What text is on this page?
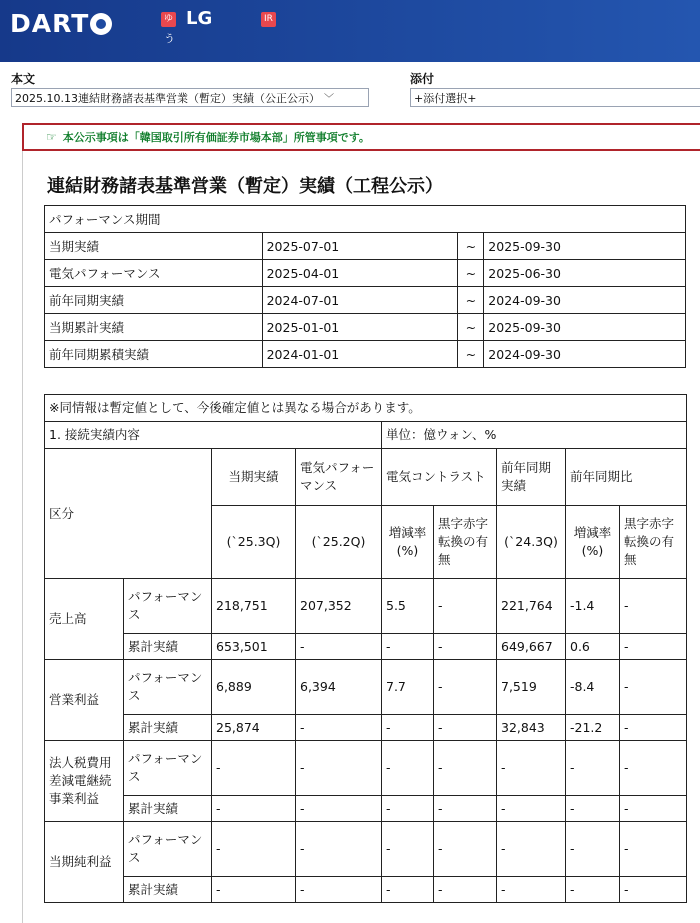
DART	ゆ
う
LG	IR
本文	添付
2025.10.13連結財務諸表基準営業（暫定）実績（公正公示） ﹀	+添付選択+
☞ 本公示事項は「韓国取引所有価証券市場本部」所管事項です。
連結財務諸表基準営業（暫定）実績（工程公示）
パフォーマンス期間			
当期実績	2025-07-01	~	2025-09-30
電気パフォーマンス	2025-04-01	~	2025-06-30
前年同期実績	2024-07-01	~	2024-09-30
当期累計実績	2025-01-01	~	2025-09-30
前年同期累積実績	2024-01-01	~	2024-09-30
※同情報は暫定値として、今後確定値とは異なる場合があります。								
1. 接続実績内容				単位：億ウォン、%				
区分		当期実績	電気パフォーマンス	電気コントラスト		前年同期実績	前年同期比	
		(`25.3Q)	(`25.2Q)	増減率(%)	黒字赤字転換の有無	(`24.3Q)	増減率(%)	黒字赤字転換の有無
売上高	パフォーマンス	218,751	207,352	5.5	-	221,764	-1.4	-
	累計実績	653,501	-	-	-	649,667	0.6	-
営業利益	パフォーマンス	6,889	6,394	7.7	-	7,519	-8.4	-
	累計実績	25,874	-	-	-	32,843	-21.2	-
法人税費用差減電継続事業利益	パフォーマンス	-	-	-	-	-	-	-
	累計実績	-	-	-	-	-	-	-
当期純利益	パフォーマンス	-	-	-	-	-	-	-
	累計実績	-	-	-	-	-	-	-
